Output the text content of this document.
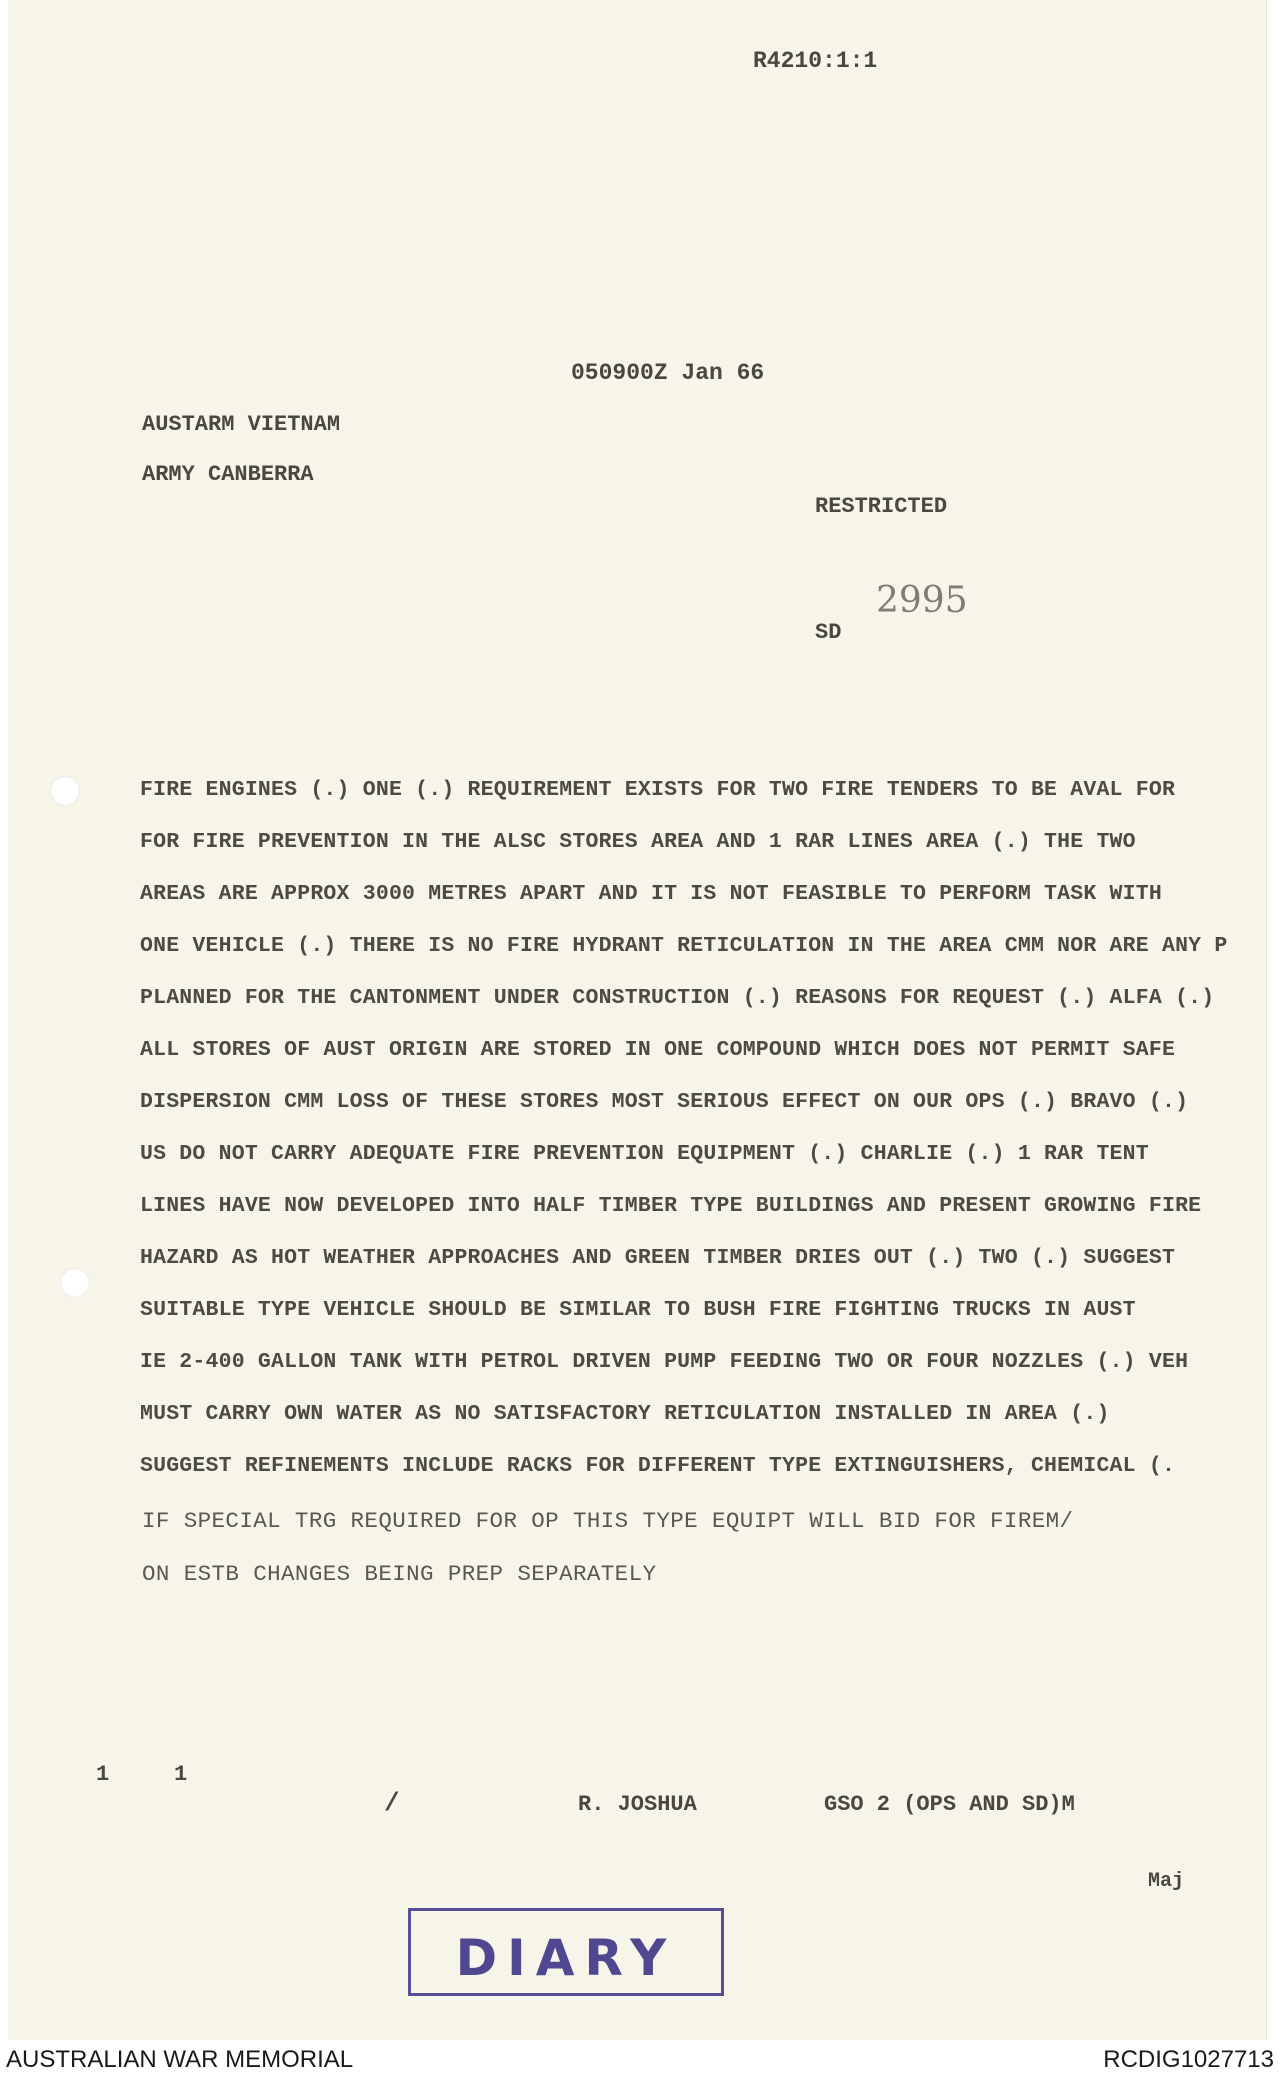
R4210:1:1
050900Z Jan 66
AUSTARM VIETNAM
ARMY CANBERRA
RESTRICTED
SD
2995
FIRE ENGINES (.) ONE (.) REQUIREMENT EXISTS FOR TWO FIRE TENDERS TO BE AVAL FOR
FOR FIRE PREVENTION IN THE ALSC STORES AREA AND 1 RAR LINES AREA (.) THE TWO
AREAS ARE APPROX 3000 METRES APART AND IT IS NOT FEASIBLE TO PERFORM TASK WITH
ONE VEHICLE (.) THERE IS NO FIRE HYDRANT RETICULATION IN THE AREA CMM NOR ARE ANY P
PLANNED FOR THE CANTONMENT UNDER CONSTRUCTION (.) REASONS FOR REQUEST (.) ALFA (.)
ALL STORES OF AUST ORIGIN ARE STORED IN ONE COMPOUND WHICH DOES NOT PERMIT SAFE
DISPERSION CMM LOSS OF THESE STORES MOST SERIOUS EFFECT ON OUR OPS (.) BRAVO (.)
US DO NOT CARRY ADEQUATE FIRE PREVENTION EQUIPMENT (.) CHARLIE (.) 1 RAR TENT
LINES HAVE NOW DEVELOPED INTO HALF TIMBER TYPE BUILDINGS AND PRESENT GROWING FIRE
HAZARD AS HOT WEATHER APPROACHES AND GREEN TIMBER DRIES OUT (.) TWO (.) SUGGEST
SUITABLE TYPE VEHICLE SHOULD BE SIMILAR TO BUSH FIRE FIGHTING TRUCKS IN AUST
IE 2-400 GALLON TANK WITH PETROL DRIVEN PUMP FEEDING TWO OR FOUR NOZZLES (.) VEH
MUST CARRY OWN WATER AS NO SATISFACTORY RETICULATION INSTALLED IN AREA (.)
SUGGEST REFINEMENTS INCLUDE RACKS FOR DIFFERENT TYPE EXTINGUISHERS, CHEMICAL (.
IF SPECIAL TRG REQUIRED FOR OP THIS TYPE EQUIPT WILL BID FOR FIREM/
ON ESTB CHANGES BEING PREP SEPARATELY
1	1
/	R. JOSHUA	GSO 2 (OPS AND SD)M
Maj
DIARY
AUSTRALIAN WAR MEMORIAL	RCDIG1027713
